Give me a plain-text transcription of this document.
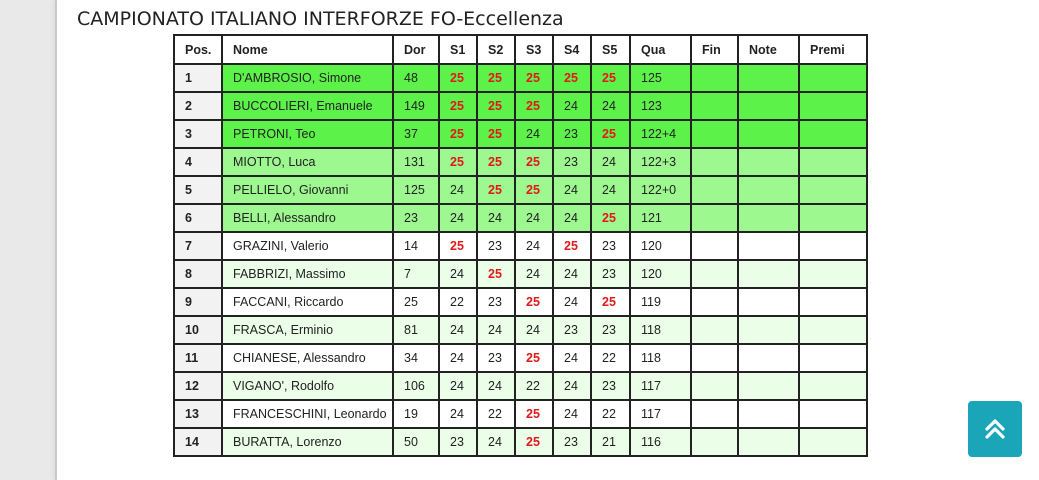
CAMPIONATO ITALIANO INTERFORZE FO-Eccellenza
Pos.	Nome	Dor	S1	S2	S3	S4	S5	Qua	Fin	Note	Premi
1	D'AMBROSIO, Simone	48	25	25	25	25	25	125			
2	BUCCOLIERI, Emanuele	149	25	25	25	24	24	123			
3	PETRONI, Teo	37	25	25	24	23	25	122+4			
4	MIOTTO, Luca	131	25	25	25	23	24	122+3			
5	PELLIELO, Giovanni	125	24	25	25	24	24	122+0			
6	BELLI, Alessandro	23	24	24	24	24	25	121			
7	GRAZINI, Valerio	14	25	23	24	25	23	120			
8	FABBRIZI, Massimo	7	24	25	24	24	23	120			
9	FACCANI, Riccardo	25	22	23	25	24	25	119			
10	FRASCA, Erminio	81	24	24	24	23	23	118			
11	CHIANESE, Alessandro	34	24	23	25	24	22	118			
12	VIGANO', Rodolfo	106	24	24	22	24	23	117			
13	FRANCESCHINI, Leonardo	19	24	22	25	24	22	117			
14	BURATTA, Lorenzo	50	23	24	25	23	21	116			
